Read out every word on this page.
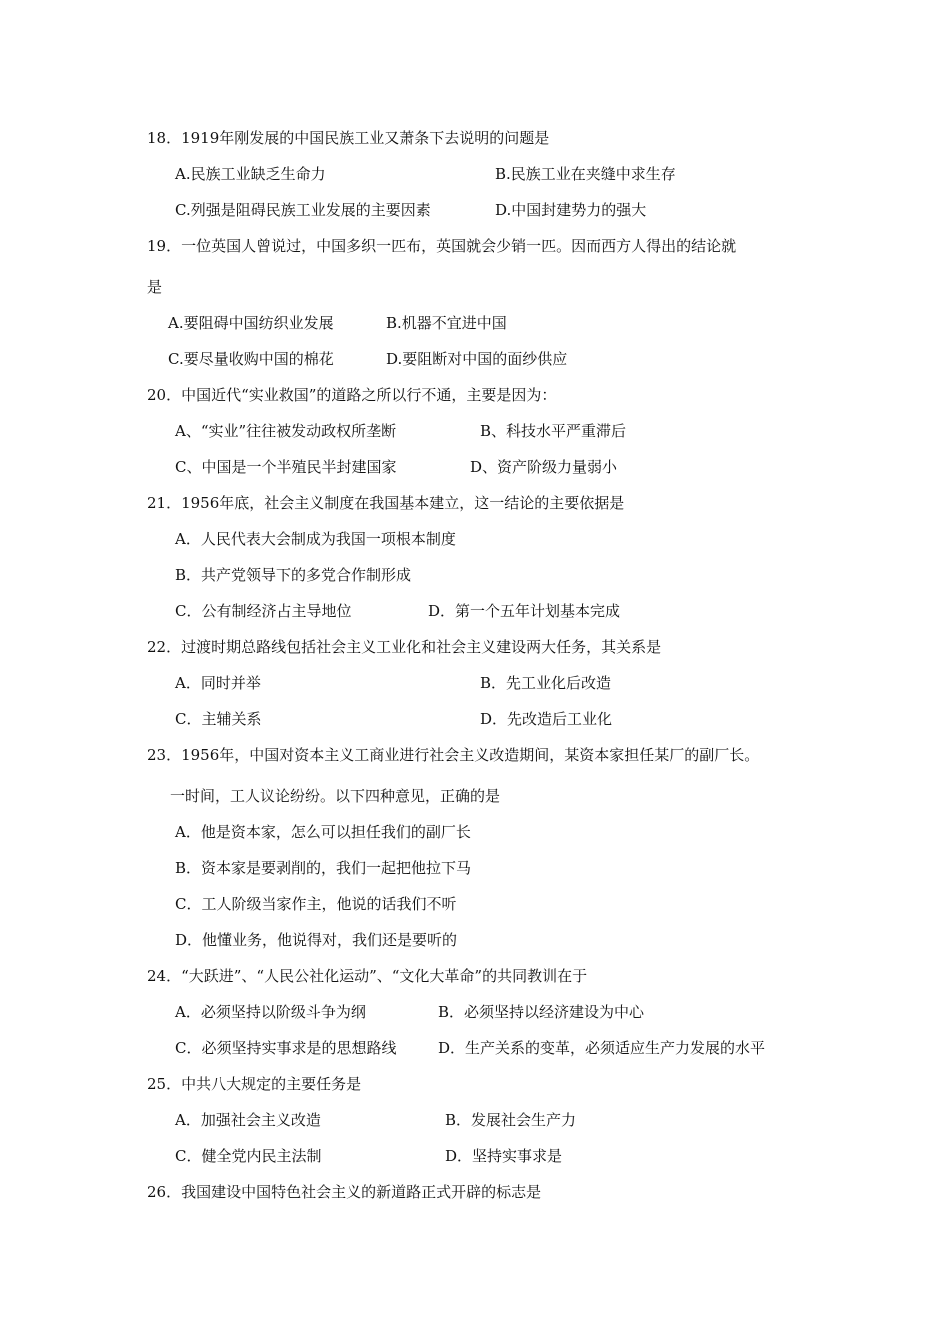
18．1919年刚发展的中国民族工业又萧条下去说明的问题是
A.民族工业缺乏生命力	B.民族工业在夹缝中求生存
C.列强是阻碍民族工业发展的主要因素	D.中国封建势力的强大
19．一位英国人曾说过，中国多织一匹布，英国就会少销一匹。因而西方人得出的结论就
是
A.要阻碍中国纺织业发展	B.机器不宜进中国
C.要尽量收购中国的棉花	D.要阻断对中国的面纱供应
20．中国近代“实业救国”的道路之所以行不通，主要是因为：
A、“实业”往往被发动政权所垄断	B、科技水平严重滞后
C、中国是一个半殖民半封建国家	D、资产阶级力量弱小
21．1956年底，社会主义制度在我国基本建立，这一结论的主要依据是
A．人民代表大会制成为我国一项根本制度
B．共产党领导下的多党合作制形成
C．公有制经济占主导地位	D．第一个五年计划基本完成
22．过渡时期总路线包括社会主义工业化和社会主义建设两大任务，其关系是
A．同时并举	B．先工业化后改造
C．主辅关系	D．先改造后工业化
23．1956年，中国对资本主义工商业进行社会主义改造期间，某资本家担任某厂的副厂长。
一时间，工人议论纷纷。以下四种意见，正确的是
A．他是资本家，怎么可以担任我们的副厂长
B．资本家是要剥削的，我们一起把他拉下马
C．工人阶级当家作主，他说的话我们不听
D．他懂业务，他说得对，我们还是要听的
24．“大跃进”、“人民公社化运动”、“文化大革命”的共同教训在于
A．必须坚持以阶级斗争为纲	B．必须坚持以经济建设为中心
C．必须坚持实事求是的思想路线	D．生产关系的变革，必须适应生产力发展的水平
25．中共八大规定的主要任务是
A．加强社会主义改造	B．发展社会生产力
C．健全党内民主法制	D．坚持实事求是
26．我国建设中国特色社会主义的新道路正式开辟的标志是
